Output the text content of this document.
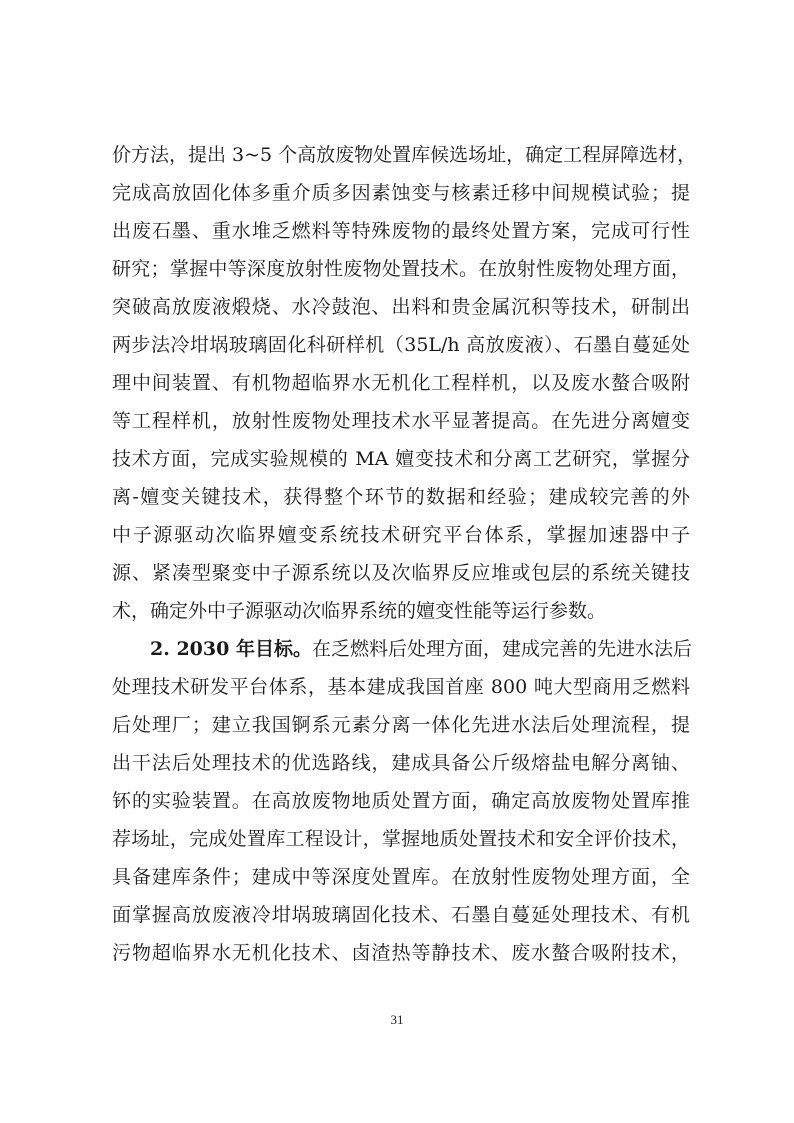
价方法，提出 3~5 个高放废物处置库候选场址，确定工程屏障选材，
完成高放固化体多重介质多因素蚀变与核素迁移中间规模试验；提
出废石墨、重水堆乏燃料等特殊废物的最终处置方案，完成可行性
研究；掌握中等深度放射性废物处置技术。在放射性废物处理方面，
突破高放废液煅烧、水冷鼓泡、出料和贵金属沉积等技术，研制出
两步法冷坩埚玻璃固化科研样机（35L/h 高放废液）、石墨自蔓延处
理中间装置、有机物超临界水无机化工程样机，以及废水螯合吸附
等工程样机，放射性废物处理技术水平显著提高。在先进分离嬗变
技术方面，完成实验规模的 MA 嬗变技术和分离工艺研究，掌握分
离-嬗变关键技术，获得整个环节的数据和经验；建成较完善的外
中子源驱动次临界嬗变系统技术研究平台体系，掌握加速器中子
源、紧凑型聚变中子源系统以及次临界反应堆或包层的系统关键技
术，确定外中子源驱动次临界系统的嬗变性能等运行参数。
2. 2030 年目标。在乏燃料后处理方面，建成完善的先进水法后
处理技术研发平台体系，基本建成我国首座 800 吨大型商用乏燃料
后处理厂；建立我国锕系元素分离一体化先进水法后处理流程，提
出干法后处理技术的优选路线，建成具备公斤级熔盐电解分离铀、
钚的实验装置。在高放废物地质处置方面，确定高放废物处置库推
荐场址，完成处置库工程设计，掌握地质处置技术和安全评价技术，
具备建库条件；建成中等深度处置库。在放射性废物处理方面，全
面掌握高放废液冷坩埚玻璃固化技术、石墨自蔓延处理技术、有机
污物超临界水无机化技术、卤渣热等静技术、废水螯合吸附技术，
31
